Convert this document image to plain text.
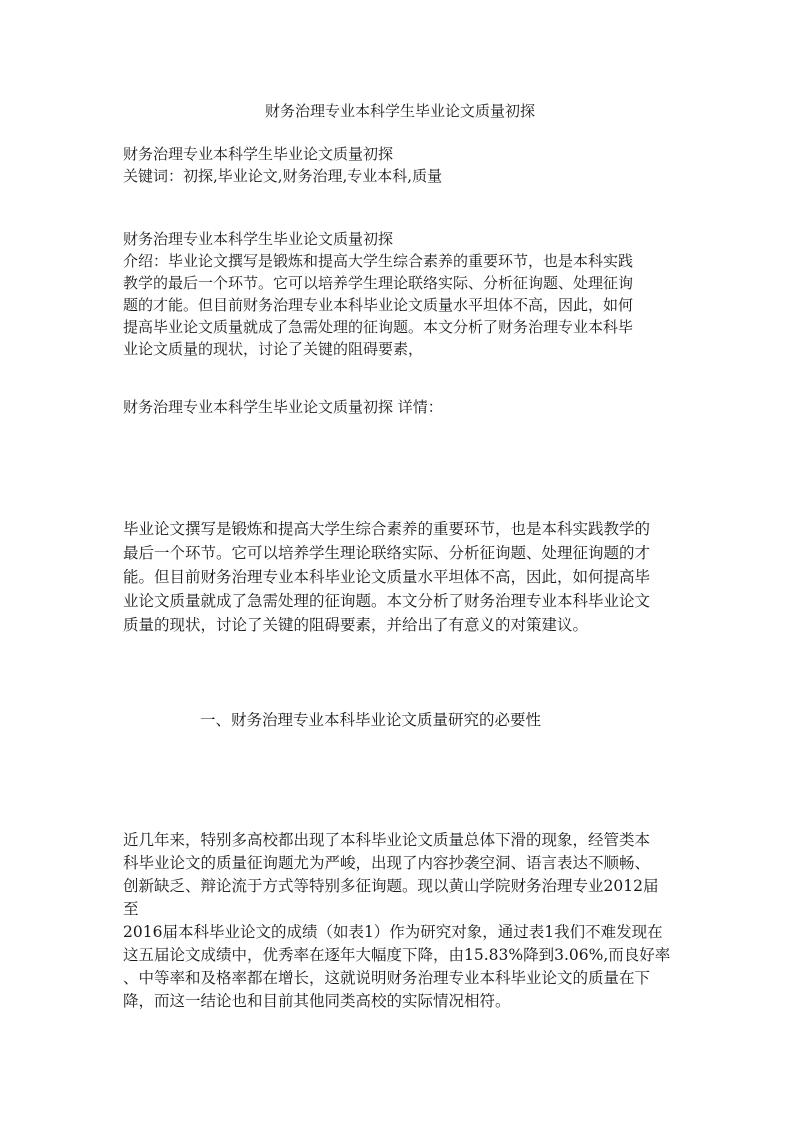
财务治理专业本科学生毕业论文质量初探
财务治理专业本科学生毕业论文质量初探
关键词：初探,毕业论文,财务治理,专业本科,质量
财务治理专业本科学生毕业论文质量初探
介绍：毕业论文撰写是锻炼和提高大学生综合素养的重要环节，也是本科实践
教学的最后一个环节。它可以培养学生理论联络实际、分析征询题、处理征询
题的才能。但目前财务治理专业本科毕业论文质量水平坦体不高，因此，如何
提高毕业论文质量就成了急需处理的征询题。本文分析了财务治理专业本科毕
业论文质量的现状，讨论了关键的阻碍要素，
财务治理专业本科学生毕业论文质量初探 详情：
毕业论文撰写是锻炼和提高大学生综合素养的重要环节，也是本科实践教学的
最后一个环节。它可以培养学生理论联络实际、分析征询题、处理征询题的才
能。但目前财务治理专业本科毕业论文质量水平坦体不高，因此，如何提高毕
业论文质量就成了急需处理的征询题。本文分析了财务治理专业本科毕业论文
质量的现状，讨论了关键的阻碍要素，并给出了有意义的对策建议。
一、财务治理专业本科毕业论文质量研究的必要性
近几年来，特别多高校都出现了本科毕业论文质量总体下滑的现象，经管类本
科毕业论文的质量征询题尤为严峻，出现了内容抄袭空洞、语言表达不顺畅、
创新缺乏、辩论流于方式等特别多征询题。现以黄山学院财务治理专业2012届
至
2016届本科毕业论文的成绩（如表1）作为研究对象，通过表1我们不难发现在
这五届论文成绩中，优秀率在逐年大幅度下降，由15.83%降到3.06%,而良好率
、中等率和及格率都在增长，这就说明财务治理专业本科毕业论文的质量在下
降，而这一结论也和目前其他同类高校的实际情况相符。
